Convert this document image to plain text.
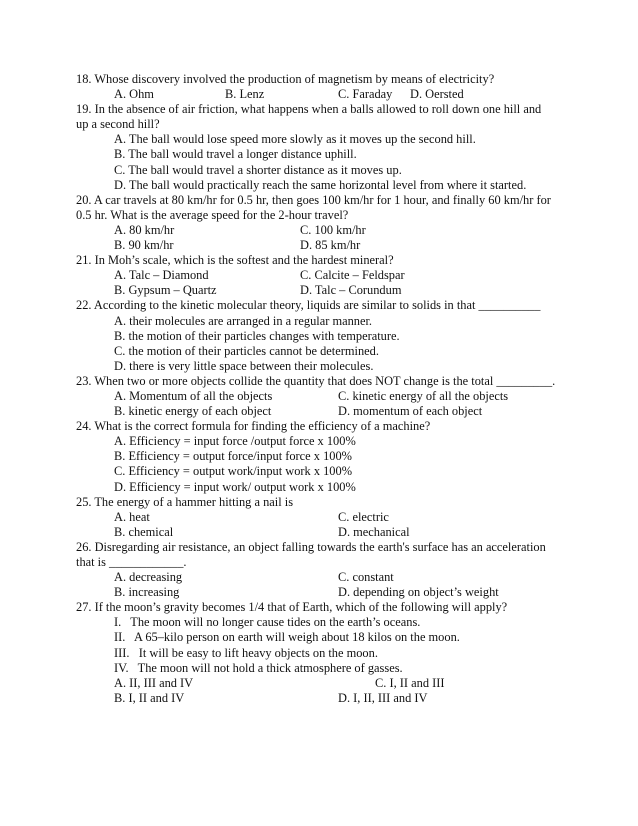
18. Whose discovery involved the production of magnetism by means of electricity?
A. Ohm	B. Lenz	C. Faraday	D. Oersted
19. In the absence of air friction, what happens when a balls allowed to roll down one hill and up a second hill?
A. The ball would lose speed more slowly as it moves up the second hill.
B. The ball would travel a longer distance uphill.
C. The ball would travel a shorter distance as it moves up.
D. The ball would practically reach the same horizontal level from where it started.
20. A car travels at 80 km/hr for 0.5 hr, then goes 100 km/hr for 1 hour, and finally 60 km/hr for 0.5 hr. What is the average speed for the 2-hour travel?
A. 80 km/hr	C. 100 km/hr
B. 90 km/hr	D. 85 km/hr
21. In Moh’s scale, which is the softest and the hardest mineral?
A. Talc – Diamond	C. Calcite – Feldspar
B. Gypsum – Quartz	D. Talc – Corundum
22. According to the kinetic molecular theory, liquids are similar to solids in that __________
A. their molecules are arranged in a regular manner.
B. the motion of their particles changes with temperature.
C. the motion of their particles cannot be determined.
D. there is very little space between their molecules.
23. When two or more objects collide the quantity that does NOT change is the total _________.
A. Momentum of all the objects	C. kinetic energy of all the objects
B. kinetic energy of each object	D. momentum of each object
24. What is the correct formula for finding the efficiency of a machine?
A. Efficiency = input force /output force x 100%
B. Efficiency = output force/input force x 100%
C. Efficiency = output work/input work x 100%
D. Efficiency = input work/ output work x 100%
25. The energy of a hammer hitting a nail is
A. heat	C. electric
B. chemical	D. mechanical
26. Disregarding air resistance, an object falling towards the earth's surface has an acceleration that is ____________.
A. decreasing	C. constant
B. increasing	D. depending on object’s weight
27. If the moon’s gravity becomes 1/4 that of Earth, which of the following will apply?
I.   The moon will no longer cause tides on the earth’s oceans.
II.   A 65–kilo person on earth will weigh about 18 kilos on the moon.
III.   It will be easy to lift heavy objects on the moon.
IV.   The moon will not hold a thick atmosphere of gasses.
A. II, III and IV	C. I, II and III
B. I, II and IV	D. I, II, III and IV
